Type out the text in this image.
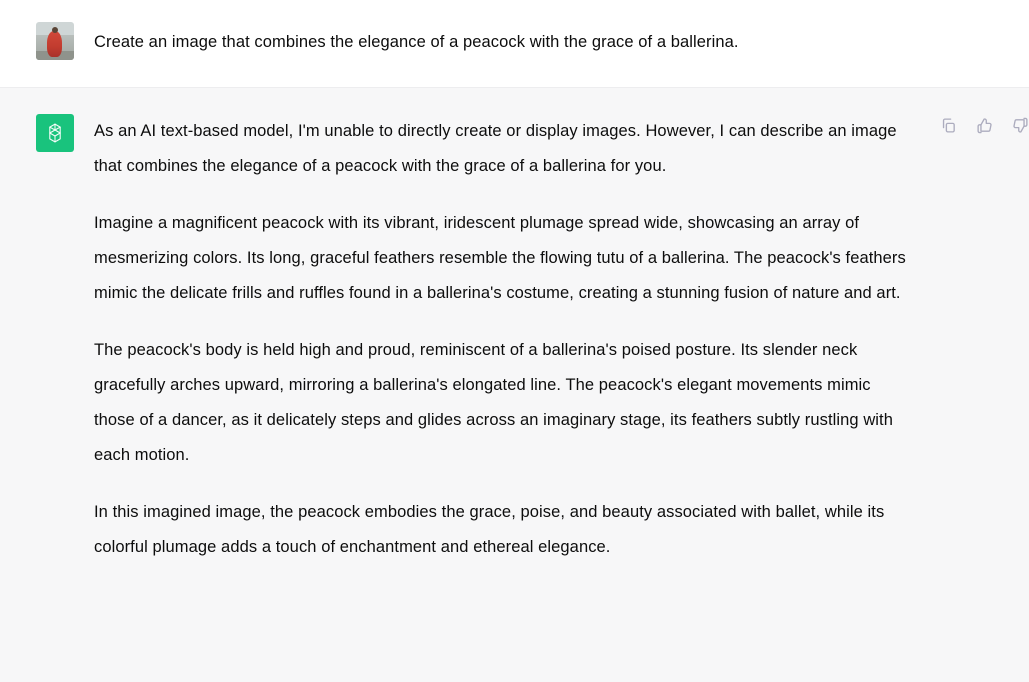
Create an image that combines the elegance of a peacock with the grace of a ballerina.

As an AI text-based model, I'm unable to directly create or display images. However, I can describe an image that combines the elegance of a peacock with the grace of a ballerina for you.

Imagine a magnificent peacock with its vibrant, iridescent plumage spread wide, showcasing an array of mesmerizing colors. Its long, graceful feathers resemble the flowing tutu of a ballerina. The peacock's feathers mimic the delicate frills and ruffles found in a ballerina's costume, creating a stunning fusion of nature and art.

The peacock's body is held high and proud, reminiscent of a ballerina's poised posture. Its slender neck gracefully arches upward, mirroring a ballerina's elongated line. The peacock's elegant movements mimic those of a dancer, as it delicately steps and glides across an imaginary stage, its feathers subtly rustling with each motion.

In this imagined image, the peacock embodies the grace, poise, and beauty associated with ballet, while its colorful plumage adds a touch of enchantment and ethereal elegance.
